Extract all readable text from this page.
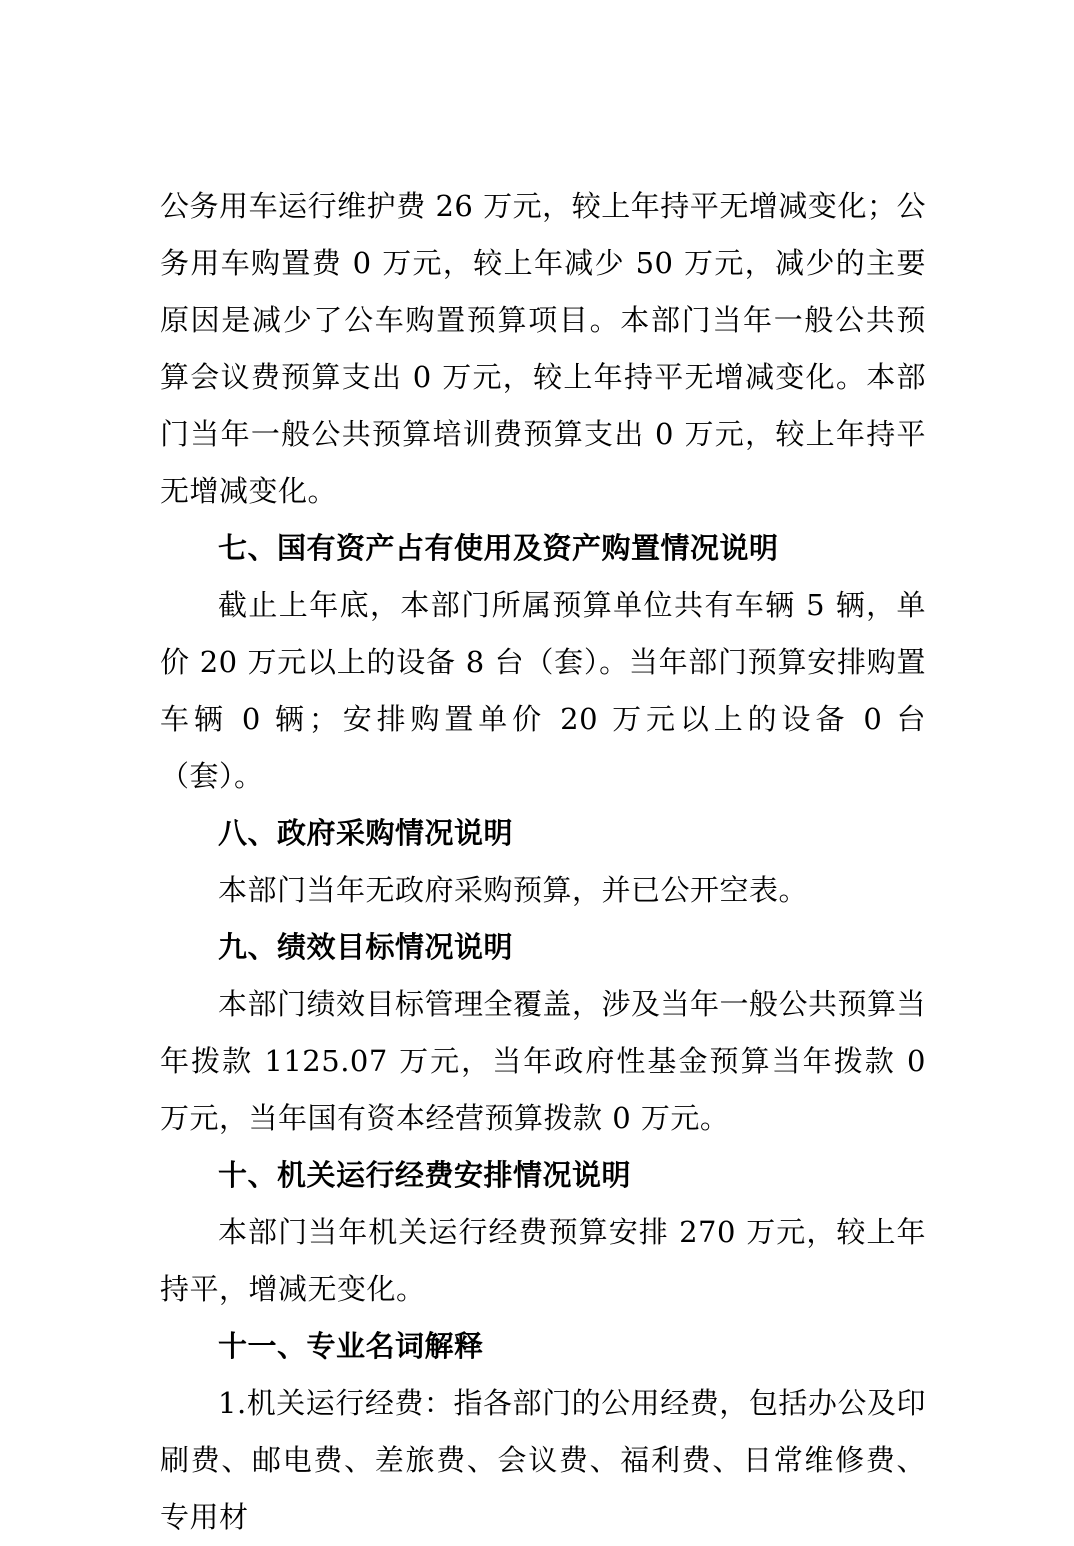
公务用车运行维护费 26 万元，较上年持平无增减变化；公务用车购置费 0 万元，较上年减少 50 万元，减少的主要原因是减少了公车购置预算项目。本部门当年一般公共预算会议费预算支出 0 万元，较上年持平无增减变化。本部门当年一般公共预算培训费预算支出 0 万元，较上年持平无增减变化。

七、国有资产占有使用及资产购置情况说明

截止上年底，本部门所属预算单位共有车辆 5 辆，单价 20 万元以上的设备 8 台（套）。当年部门预算安排购置车辆 0 辆；安排购置单价 20 万元以上的设备 0 台（套）。

八、政府采购情况说明

本部门当年无政府采购预算，并已公开空表。

九、绩效目标情况说明

本部门绩效目标管理全覆盖，涉及当年一般公共预算当年拨款 1125.07 万元，当年政府性基金预算当年拨款 0 万元，当年国有资本经营预算拨款 0 万元。

十、机关运行经费安排情况说明

本部门当年机关运行经费预算安排 270 万元，较上年持平，增减无变化。

十一、专业名词解释

1.机关运行经费：指各部门的公用经费，包括办公及印刷费、邮电费、差旅费、会议费、福利费、日常维修费、专用材
